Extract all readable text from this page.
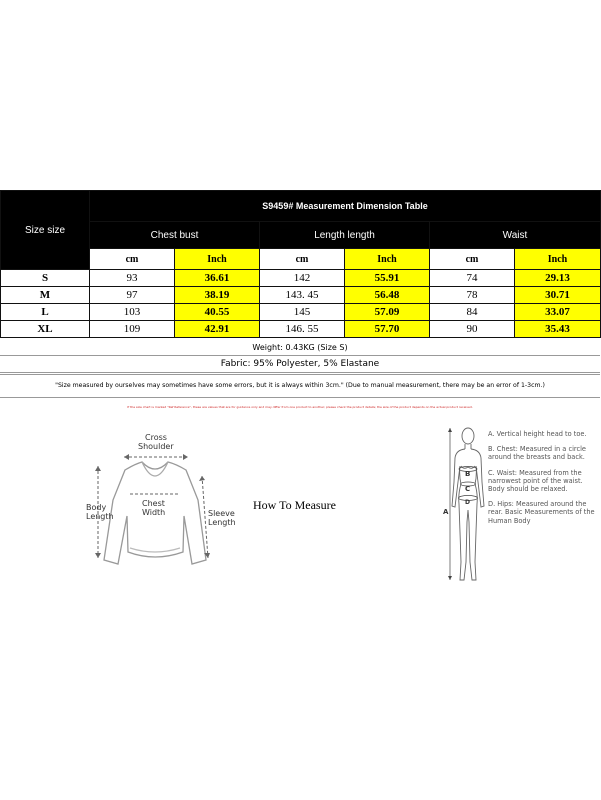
Size size	S9459# Measurement Dimension Table					
	Chest bust		Length length		Waist	
	cm	Inch	cm	Inch	cm	Inch
S	93	36.61	142	55.91	74	29.13
M	97	38.19	143. 45	56.48	78	30.71
L	103	40.55	145	57.09	84	33.07
XL	109	42.91	146. 55	57.70	90	35.43
Weight: 0.43KG (Size S)
Fabric: 95% Polyester, 5% Elastane
"Size measured by ourselves may sometimes have some errors, but it is always within 3cm." (Due to manual measurement, there may be an error of 1-3cm.)
If the size chart is marked "Ref Reference", these are values that are for guidance only and may differ from one product to another; please check the product details; the size of the product depends on the actual product received.
Cross
Shoulder
Body
Length
Chest
Width	Sleeve
Length
How To Measure	A
B
C
D
A. Vertical height head to toe.
B. Chest: Measured in a circle around the breasts and back.
C. Waist: Measured from the narrowest point of the waist. Body should be relaxed.
D. Hips: Measured around the rear. Basic Measurements of the Human Body
